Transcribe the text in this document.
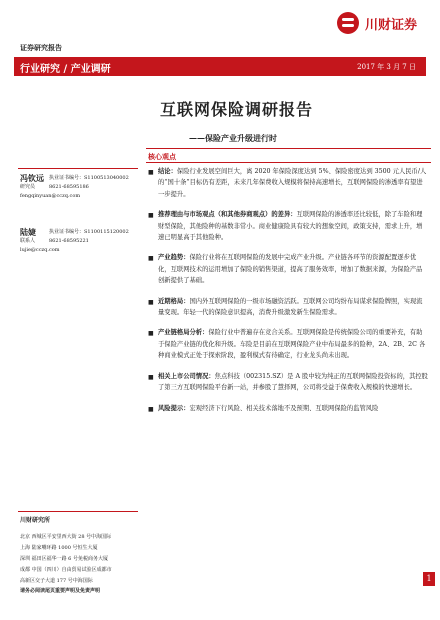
川财证券
证券研究报告
行业研究 / 产业调研	2017 年 3 月 7 日
互联网保险调研报告
——保险产业升级进行时
核心观点
冯钦远 执业证书编号：S1100513040002
研究员	8621-68595186
fengqinyuan@cczq.com
陆婕	执业证书编号：S1100115120002
联系人	8621-68595221
lujie@cczq.com
■ 结论：保险行业发展空间巨大，离 2020 年保险深度达到 5%、保险密度达到 3500 元人民币/人的“国十条”目标仍有差距，未来几年保费收入规模将保持高速增长，互联网保险的渗透率有望进一步提升。
■ 推荐理由与市场观点（和其他券商观点）的差异：互联网保险的渗透率还比较低，除了车险和理财型保险，其他险种的基数非常小。商业健康险具有较大的想象空间，政策支持，需求上升，增速已明显高于其他险种。
■ 产业趋势：保险行业将在互联网保险的发展中完成产业升级。产业链各环节的资源配置逐步优化，互联网技术的运用增加了保险的销售渠道，提高了服务效率，增加了数据来源，为保险产品创新提供了基础。
■ 近期格局：国内外互联网保险的一级市场融资活跃。互联网公司均纷布局谋求保险牌照，实现流量变现。年轻一代的保险意识提高，消费升级激发新生保险需求。
■ 产业链格局分析：保险行业中普遍存在竞合关系。互联网保险是传统保险公司的重要补充，有助于保险产业链的优化和升级。车险是目前在互联网保险产业中布局最多的险种，2A、2B、2C 各种商业模式正处于探索阶段，盈利模式有待确定，行业龙头尚未出现。
■ 相关上市公司情况：焦点科技（002315.SZ）是 A 股中较为纯正的互联网保险投资标的，其控股了第三方互联网保险平台新一站，并参股了慧择网，公司将受益于保费收入规模的快速增长。
■ 风险提示：宏观经济下行风险、相关技术落地不及预期、互联网保险的监管风险
川财研究所
北京 西城区平安里西大街 28 号中海国际
上海 陆家嘴环路 1000 号恒生大厦
深圳 福田区福华一路 6 号免税商务大厦
成都 中国（四川）自由贸易试验区成都市
高新区交子大道 177 号中海国际
请务必阅读尾页重要声明及免责声明
1
